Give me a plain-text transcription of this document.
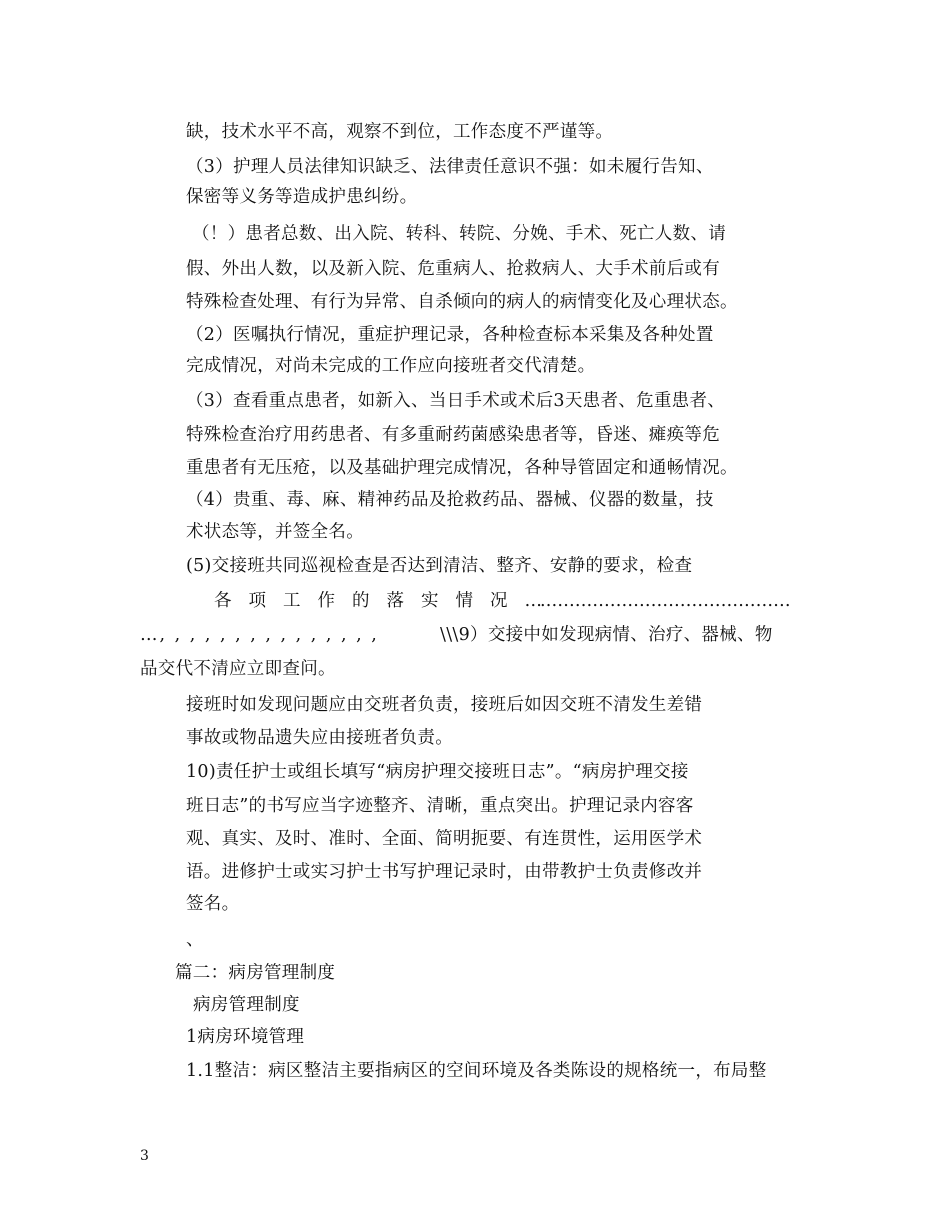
缺，技术水平不高，观察不到位，工作态度不严谨等。
（3）护理人员法律知识缺乏、法律责任意识不强：如未履行告知、
保密等义务等造成护患纠纷。
（！）患者总数、出入院、转科、转院、分娩、手术、死亡人数、请
假、外出人数，以及新入院、危重病人、抢救病人、大手术前后或有
特殊检查处理、有行为异常、自杀倾向的病人的病情变化及心理状态。
（2）医嘱执行情况，重症护理记录，各种检查标本采集及各种处置
完成情况，对尚未完成的工作应向接班者交代清楚。
（3）查看重点患者，如新入、当日手术或术后3天患者、危重患者、
特殊检查治疗用药患者、有多重耐药菌感染患者等，昏迷、瘫痪等危
重患者有无压疮，以及基础护理完成情况，各种导管固定和通畅情况。
（4）贵重、毒、麻、精神药品及抢救药品、器械、仪器的数量，技
术状态等，并签全名。
(5)交接班共同巡视检查是否达到清洁、整齐、安静的要求，检查
各项工作的落实情况…
.……………………………………
…, , , , , , , , , , , , , , ,	\\\9）交接中如发现病情、治疗、器械、物
品交代不清应立即查问。
接班时如发现问题应由交班者负责，接班后如因交班不清发生差错
事故或物品遗失应由接班者负责。
10)责任护士或组长填写“病房护理交接班日志”。“病房护理交接
班日志”的书写应当字迹整齐、清晰，重点突出。护理记录内容客
观、真实、及时、准时、全面、简明扼要、有连贯性，运用医学术
语。进修护士或实习护士书写护理记录时，由带教护士负责修改并
签名。
、
篇二：病房管理制度
病房管理制度
1病房环境管理
1.1整洁：病区整洁主要指病区的空间环境及各类陈设的规格统一，布局整
3
